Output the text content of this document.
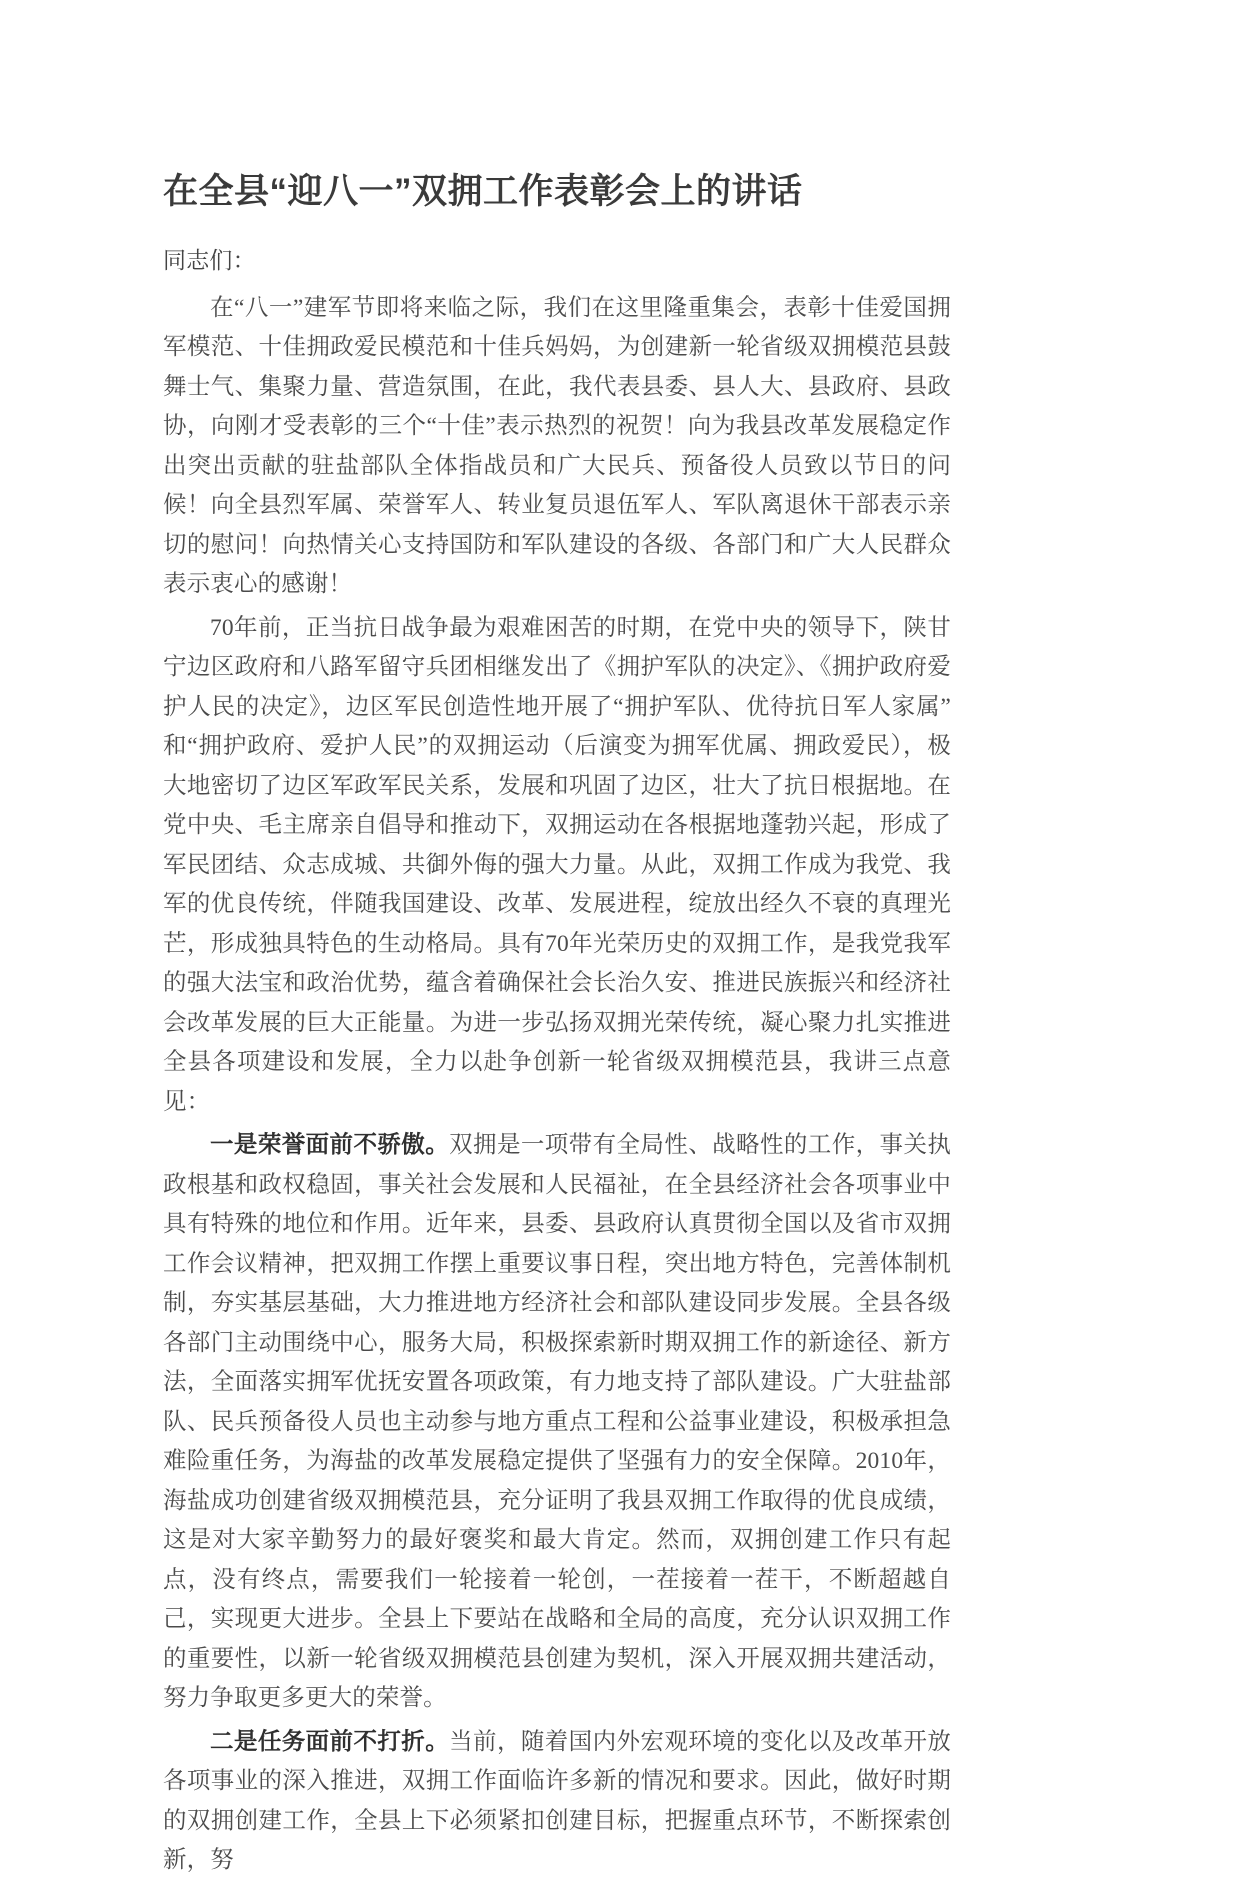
在全县“迎八一”双拥工作表彰会上的讲话

同志们：

在“八一”建军节即将来临之际，我们在这里隆重集会，表彰十佳爱国拥军模范、十佳拥政爱民模范和十佳兵妈妈，为创建新一轮省级双拥模范县鼓舞士气、集聚力量、营造氛围，在此，我代表县委、县人大、县政府、县政协，向刚才受表彰的三个“十佳”表示热烈的祝贺！向为我县改革发展稳定作出突出贡献的驻盐部队全体指战员和广大民兵、预备役人员致以节日的问候！向全县烈军属、荣誉军人、转业复员退伍军人、军队离退休干部表示亲切的慰问！向热情关心支持国防和军队建设的各级、各部门和广大人民群众表示衷心的感谢！

70年前，正当抗日战争最为艰难困苦的时期，在党中央的领导下，陕甘宁边区政府和八路军留守兵团相继发出了《拥护军队的决定》、《拥护政府爱护人民的决定》，边区军民创造性地开展了“拥护军队、优待抗日军人家属”和“拥护政府、爱护人民”的双拥运动（后演变为拥军优属、拥政爱民），极大地密切了边区军政军民关系，发展和巩固了边区，壮大了抗日根据地。在党中央、毛主席亲自倡导和推动下，双拥运动在各根据地蓬勃兴起，形成了军民团结、众志成城、共御外侮的强大力量。从此，双拥工作成为我党、我军的优良传统，伴随我国建设、改革、发展进程，绽放出经久不衰的真理光芒，形成独具特色的生动格局。具有70年光荣历史的双拥工作，是我党我军的强大法宝和政治优势，蕴含着确保社会长治久安、推进民族振兴和经济社会改革发展的巨大正能量。为进一步弘扬双拥光荣传统，凝心聚力扎实推进全县各项建设和发展，全力以赴争创新一轮省级双拥模范县，我讲三点意见：

一是荣誉面前不骄傲。双拥是一项带有全局性、战略性的工作，事关执政根基和政权稳固，事关社会发展和人民福祉，在全县经济社会各项事业中具有特殊的地位和作用。近年来，县委、县政府认真贯彻全国以及省市双拥工作会议精神，把双拥工作摆上重要议事日程，突出地方特色，完善体制机制，夯实基层基础，大力推进地方经济社会和部队建设同步发展。全县各级各部门主动围绕中心，服务大局，积极探索新时期双拥工作的新途径、新方法，全面落实拥军优抚安置各项政策，有力地支持了部队建设。广大驻盐部队、民兵预备役人员也主动参与地方重点工程和公益事业建设，积极承担急难险重任务，为海盐的改革发展稳定提供了坚强有力的安全保障。2010年，海盐成功创建省级双拥模范县，充分证明了我县双拥工作取得的优良成绩，这是对大家辛勤努力的最好褒奖和最大肯定。然而，双拥创建工作只有起点，没有终点，需要我们一轮接着一轮创，一茬接着一茬干，不断超越自己，实现更大进步。全县上下要站在战略和全局的高度，充分认识双拥工作的重要性，以新一轮省级双拥模范县创建为契机，深入开展双拥共建活动，努力争取更多更大的荣誉。

二是任务面前不打折。当前，随着国内外宏观环境的变化以及改革开放各项事业的深入推进，双拥工作面临许多新的情况和要求。因此，做好时期的双拥创建工作，全县上下必须紧扣创建目标，把握重点环节，不断探索创新，努
